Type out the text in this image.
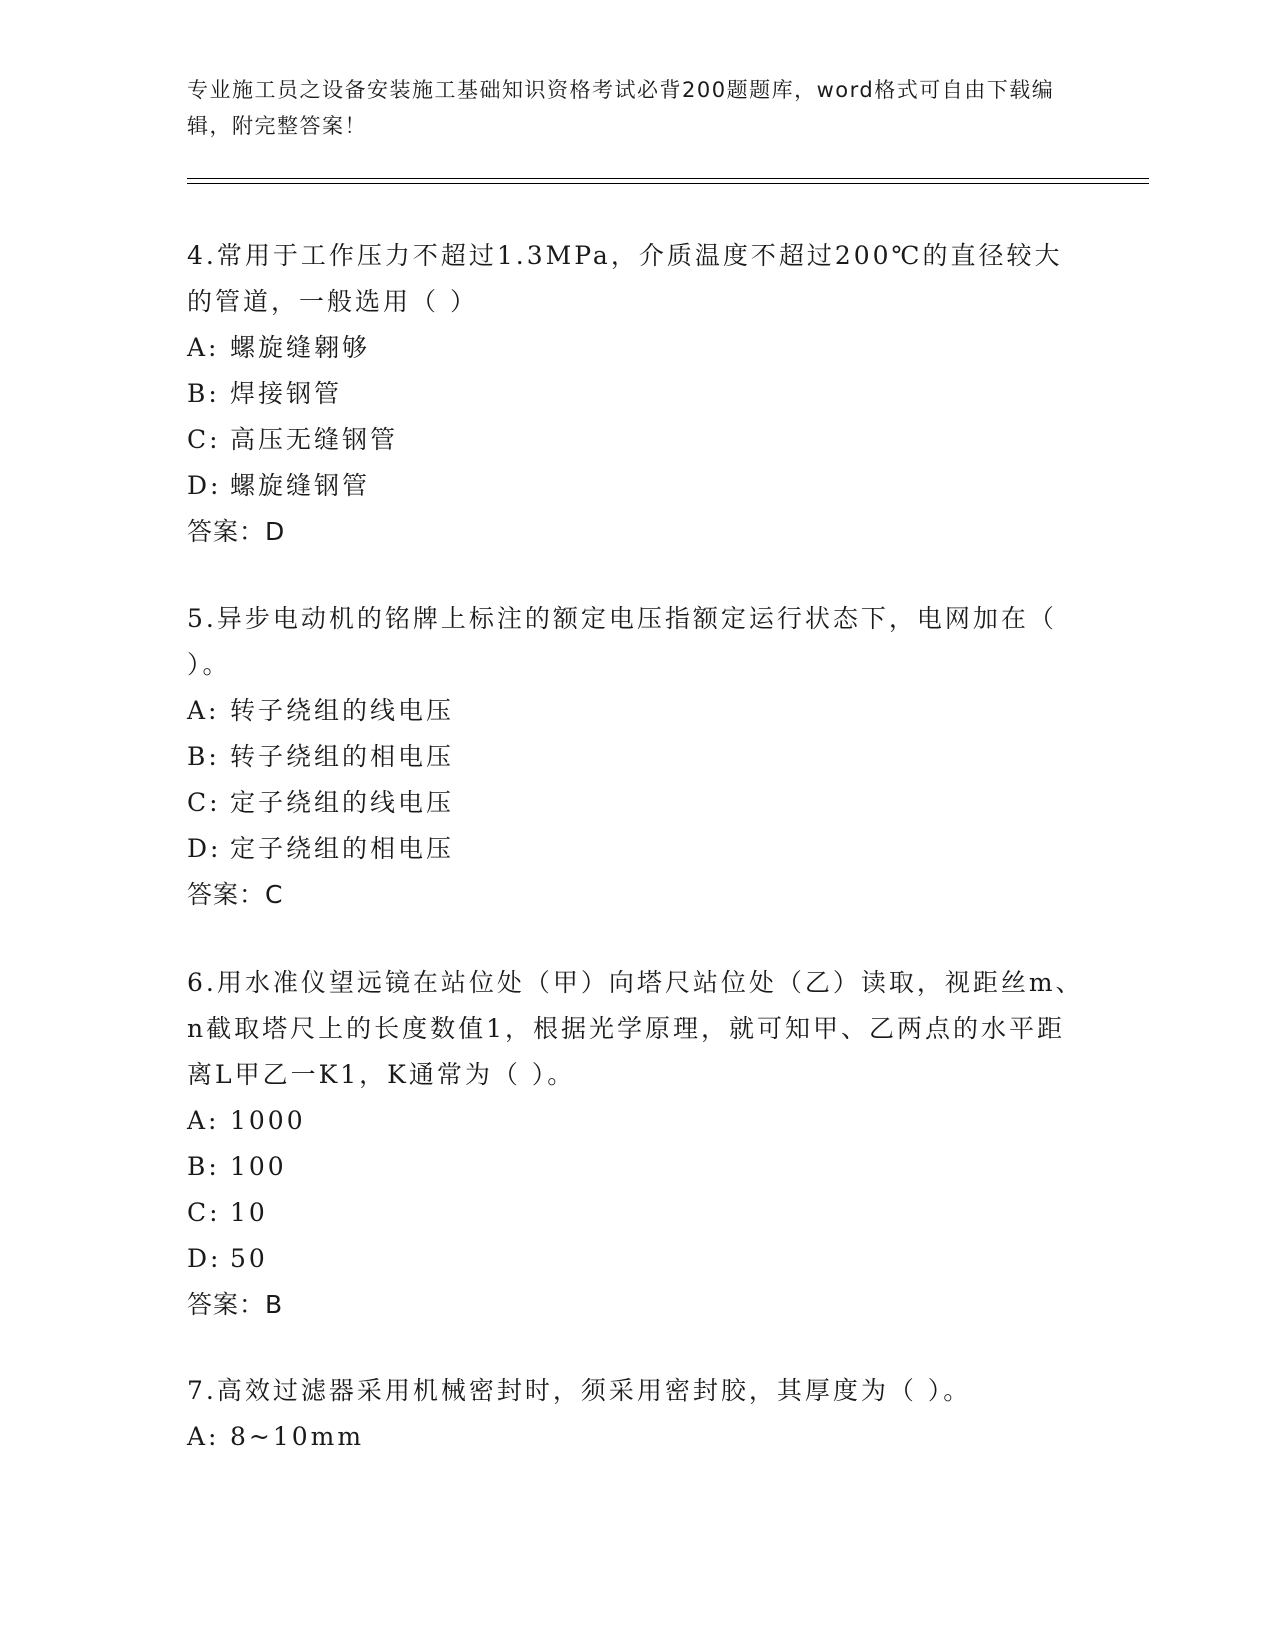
专业施工员之设备安装施工基础知识资格考试必背200题题库，word格式可自由下载编辑，附完整答案！

4.常用于工作压力不超过1.3MPa，介质温度不超过200℃的直径较大的管道，一般选用（ ）

A: 螺旋缝翱够
B: 焊接钢管
C: 高压无缝钢管
D: 螺旋缝钢管

答案：D

5.异步电动机的铭牌上标注的额定电压指额定运行状态下，电网加在（ ）。

A: 转子绕组的线电压
B: 转子绕组的相电压
C: 定子绕组的线电压
D: 定子绕组的相电压

答案：C

6.用水准仪望远镜在站位处（甲）向塔尺站位处（乙）读取，视距丝m、n截取塔尺上的长度数值1，根据光学原理，就可知甲、乙两点的水平距离L甲乙一K1，K通常为（ ）。

A: 1000
B: 100
C: 10
D: 50

答案：B

7.高效过滤器采用机械密封时，须采用密封胶，其厚度为（ ）。

A: 8~10mm
